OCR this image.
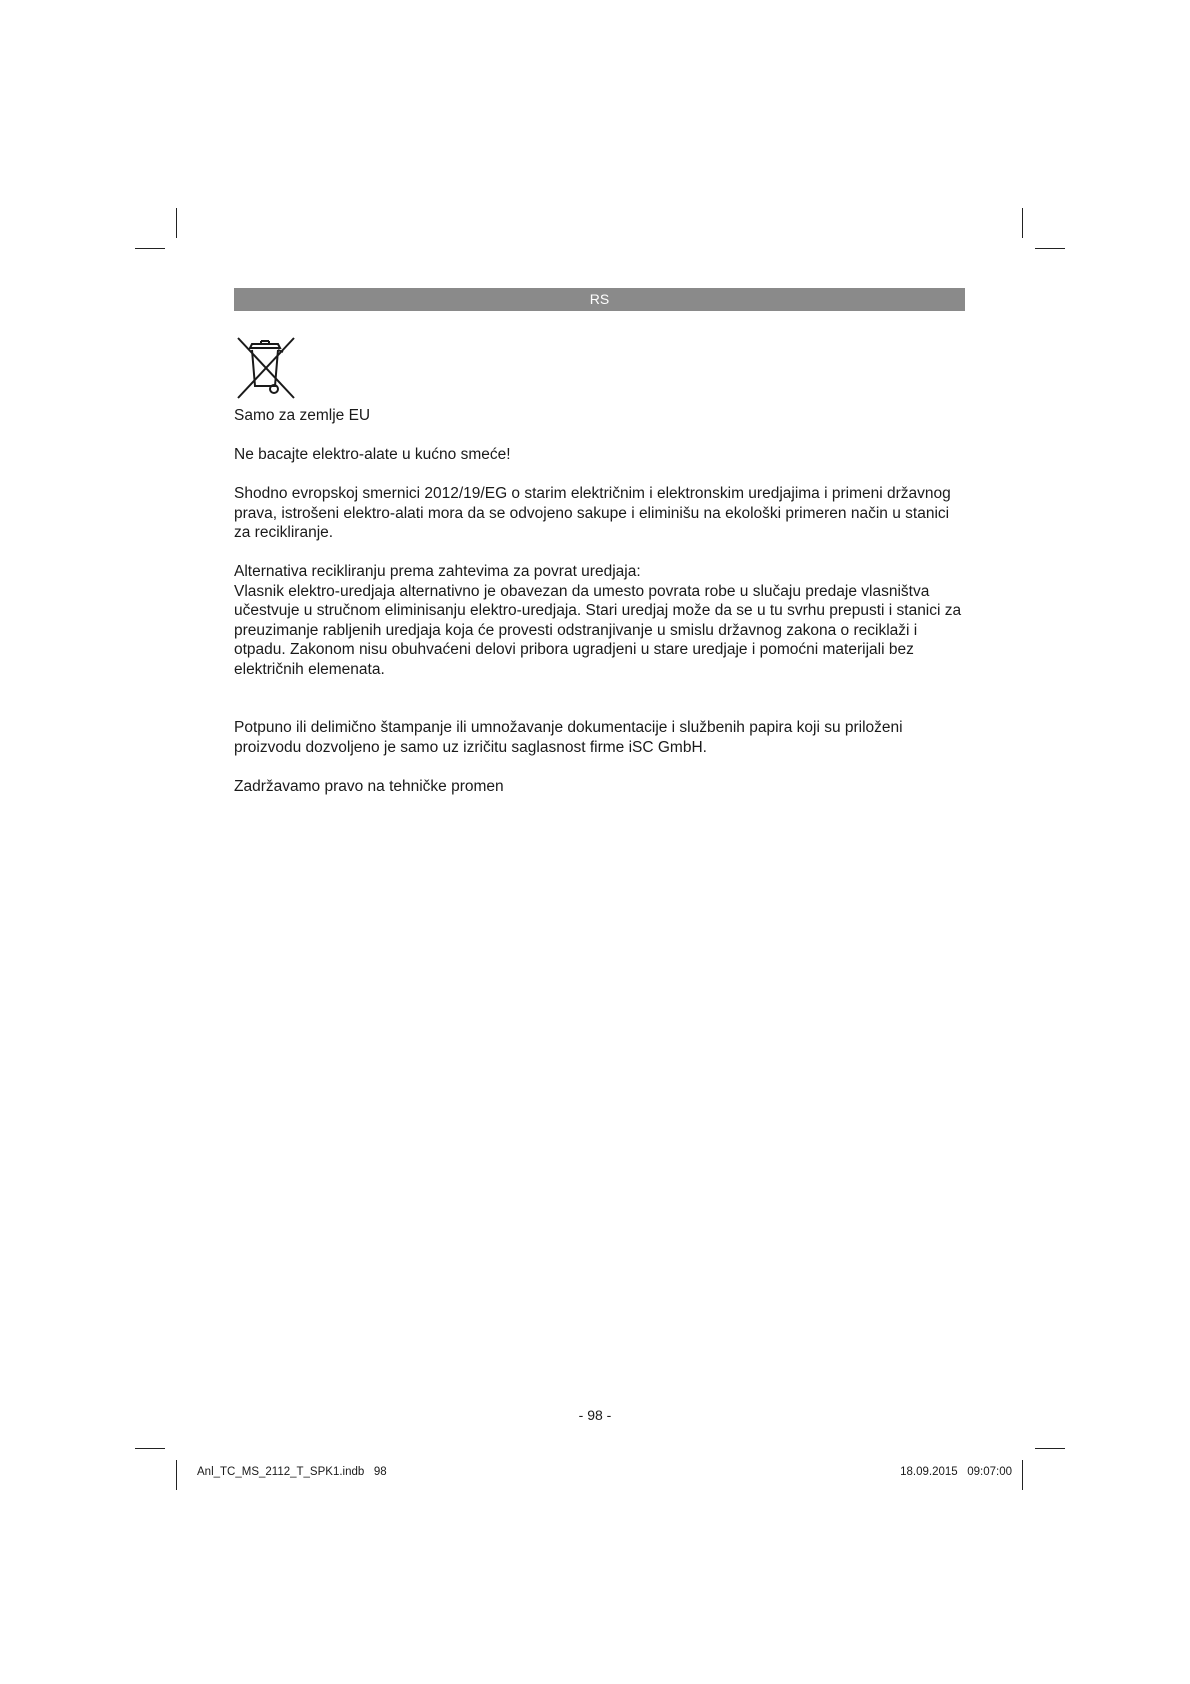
RS

Samo za zemlje EU

Ne bacajte elektro-alate u kućno smeće!

Shodno evropskoj smernici 2012/19/EG o starim električnim i elektronskim uredjajima i primeni državnog prava, istrošeni elektro-alati mora da se odvojeno sakupe i eliminišu na ekološki primeren način u stanici za recikliranje.

Alternativa recikliranju prema zahtevima za povrat uredjaja:

Vlasnik elektro-uredjaja alternativno je obavezan da umesto povrata robe u slučaju predaje vlasništva učestvuje u stručnom eliminisanju elektro-uredjaja. Stari uredjaj može da se u tu svrhu prepusti i stanici za preuzimanje rabljenih uredjaja koja će provesti odstranjivanje u smislu državnog zakona o reciklaži i otpadu. Zakonom nisu obuhvaćeni delovi pribora ugradjeni u stare uredjaje i pomoćni materijali bez električnih elemenata.

Potpuno ili delimično štampanje ili umnožavanje dokumentacije i službenih papira koji su priloženi proizvodu dozvoljeno je samo uz izričitu saglasnost firme iSC GmbH.

Zadržavamo pravo na tehničke promen

- 98 -
Anl_TC_MS_2112_T_SPK1.indb   98	18.09.2015   09:07:00
